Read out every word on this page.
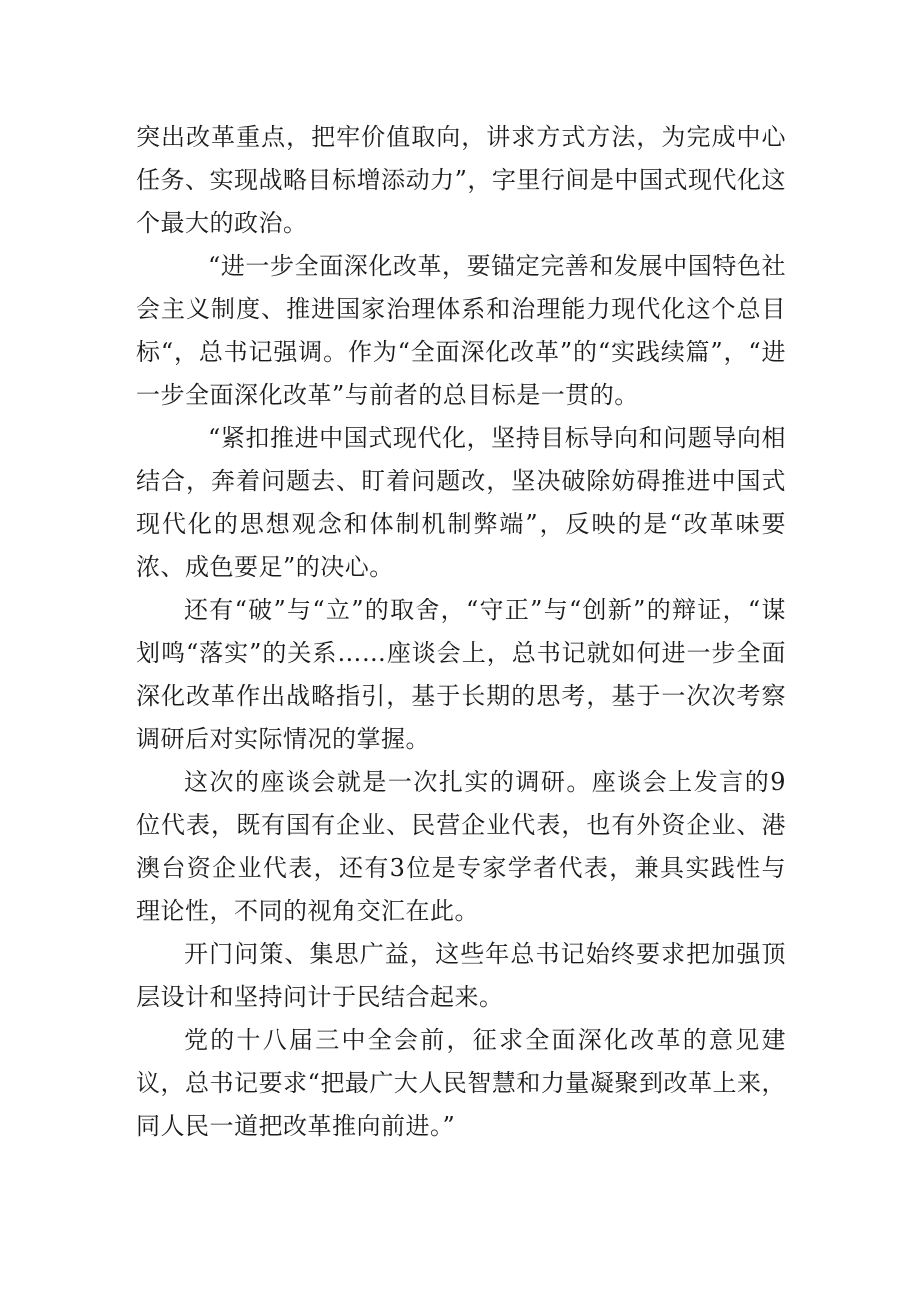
突出改革重点，把牢价值取向，讲求方式方法，为完成中心任务、实现战略目标增添动力”，字里行间是中国式现代化这个最大的政治。

“进一步全面深化改革，要锚定完善和发展中国特色社会主义制度、推进国家治理体系和治理能力现代化这个总目标“，总书记强调。作为“全面深化改革”的“实践续篇”，“进一步全面深化改革”与前者的总目标是一贯的。

“紧扣推进中国式现代化，坚持目标导向和问题导向相结合，奔着问题去、盯着问题改，坚决破除妨碍推进中国式现代化的思想观念和体制机制弊端”，反映的是“改革味要浓、成色要足”的决心。

还有“破”与“立”的取舍，“守正”与“创新”的辩证，“谋划鸣“落实”的关系……座谈会上，总书记就如何进一步全面深化改革作出战略指引，基于长期的思考，基于一次次考察调研后对实际情况的掌握。

这次的座谈会就是一次扎实的调研。座谈会上发言的9位代表，既有国有企业、民营企业代表，也有外资企业、港澳台资企业代表，还有3位是专家学者代表，兼具实践性与理论性，不同的视角交汇在此。

开门问策、集思广益，这些年总书记始终要求把加强顶层设计和坚持问计于民结合起来。

党的十八届三中全会前，征求全面深化改革的意见建议，总书记要求“把最广大人民智慧和力量凝聚到改革上来，同人民一道把改革推向前进。”
